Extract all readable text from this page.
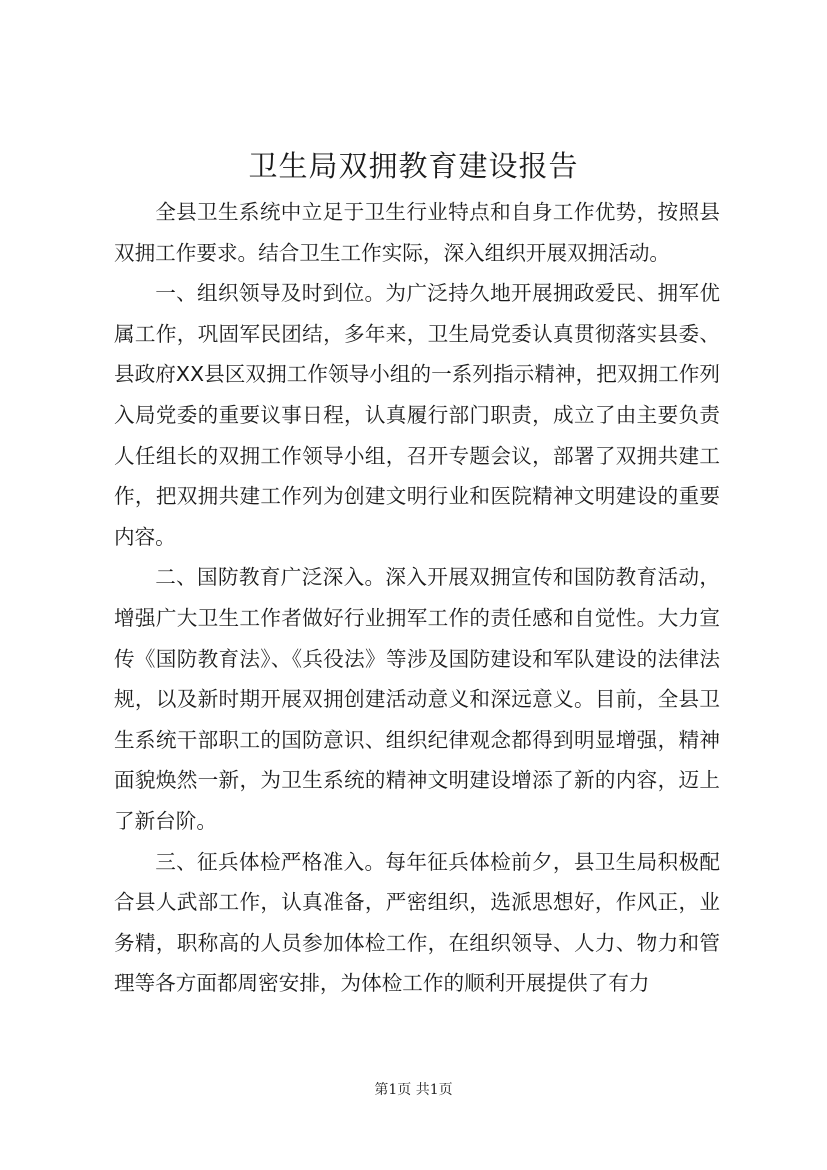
卫生局双拥教育建设报告

全县卫生系统中立足于卫生行业特点和自身工作优势，按照县双拥工作要求。结合卫生工作实际，深入组织开展双拥活动。

一、组织领导及时到位。为广泛持久地开展拥政爱民、拥军优属工作，巩固军民团结，多年来，卫生局党委认真贯彻落实县委、县政府XX县区双拥工作领导小组的一系列指示精神，把双拥工作列入局党委的重要议事日程，认真履行部门职责，成立了由主要负责人任组长的双拥工作领导小组，召开专题会议，部署了双拥共建工作，把双拥共建工作列为创建文明行业和医院精神文明建设的重要内容。

二、国防教育广泛深入。深入开展双拥宣传和国防教育活动，增强广大卫生工作者做好行业拥军工作的责任感和自觉性。大力宣传《国防教育法》、《兵役法》等涉及国防建设和军队建设的法律法规，以及新时期开展双拥创建活动意义和深远意义。目前，全县卫生系统干部职工的国防意识、组织纪律观念都得到明显增强，精神面貌焕然一新，为卫生系统的精神文明建设增添了新的内容，迈上了新台阶。

三、征兵体检严格准入。每年征兵体检前夕，县卫生局积极配合县人武部工作，认真准备，严密组织，选派思想好，作风正，业务精，职称高的人员参加体检工作，在组织领导、人力、物力和管理等各方面都周密安排，为体检工作的顺利开展提供了有力

第1页 共1页
